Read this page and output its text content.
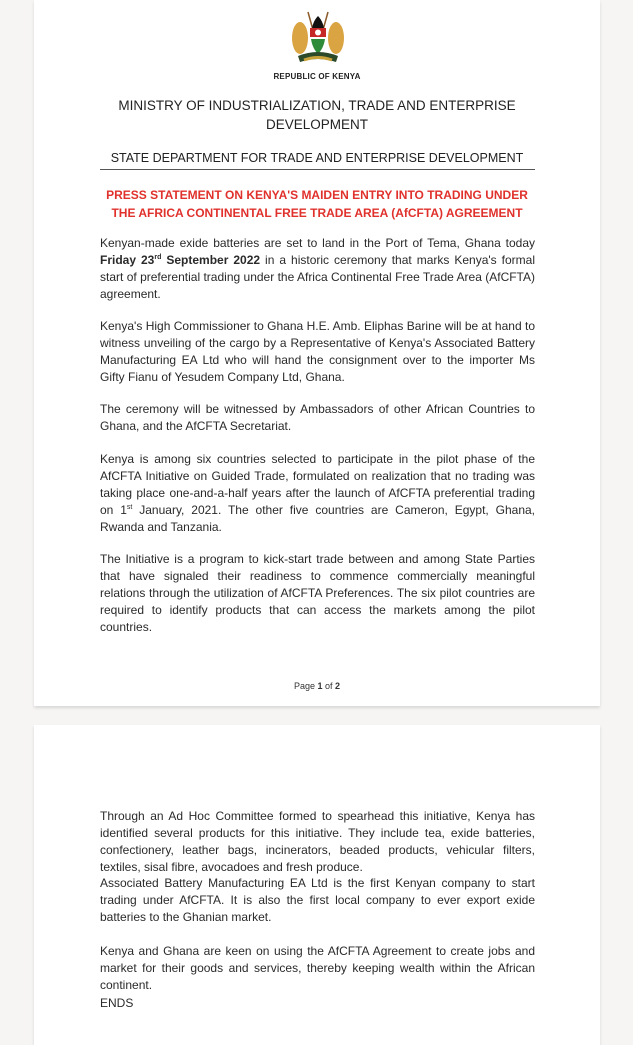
REPUBLIC OF KENYA
MINISTRY OF INDUSTRIALIZATION, TRADE AND ENTERPRISE DEVELOPMENT
STATE DEPARTMENT FOR TRADE AND ENTERPRISE DEVELOPMENT
PRESS STATEMENT ON KENYA'S MAIDEN ENTRY INTO TRADING UNDER THE AFRICA CONTINENTAL FREE TRADE AREA (AfCFTA) AGREEMENT

Kenyan-made exide batteries are set to land in the Port of Tema, Ghana today Friday 23rd September 2022 in a historic ceremony that marks Kenya's formal start of preferential trading under the Africa Continental Free Trade Area (AfCFTA) agreement.

Kenya's High Commissioner to Ghana H.E. Amb. Eliphas Barine will be at hand to witness unveiling of the cargo by a Representative of Kenya's Associated Battery Manufacturing EA Ltd who will hand the consignment over to the importer Ms Gifty Fianu of Yesudem Company Ltd, Ghana.

The ceremony will be witnessed by Ambassadors of other African Countries to Ghana, and the AfCFTA Secretariat.

Kenya is among six countries selected to participate in the pilot phase of the AfCFTA Initiative on Guided Trade, formulated on realization that no trading was taking place one-and-a-half years after the launch of AfCFTA preferential trading on 1st January, 2021. The other five countries are Cameron, Egypt, Ghana, Rwanda and Tanzania.

The Initiative is a program to kick-start trade between and among State Parties that have signaled their readiness to commence commercially meaningful relations through the utilization of AfCFTA Preferences. The six pilot countries are required to identify products that can access the markets among the pilot countries.

Page 1 of 2

Through an Ad Hoc Committee formed to spearhead this initiative, Kenya has identified several products for this initiative. They include tea, exide batteries, confectionery, leather bags, incinerators, beaded products, vehicular filters, textiles, sisal fibre, avocadoes and fresh produce.

Associated Battery Manufacturing EA Ltd is the first Kenyan company to start trading under AfCFTA. It is also the first local company to ever export exide batteries to the Ghanian market.

Kenya and Ghana are keen on using the AfCFTA Agreement to create jobs and market for their goods and services, thereby keeping wealth within the African continent.

ENDS
